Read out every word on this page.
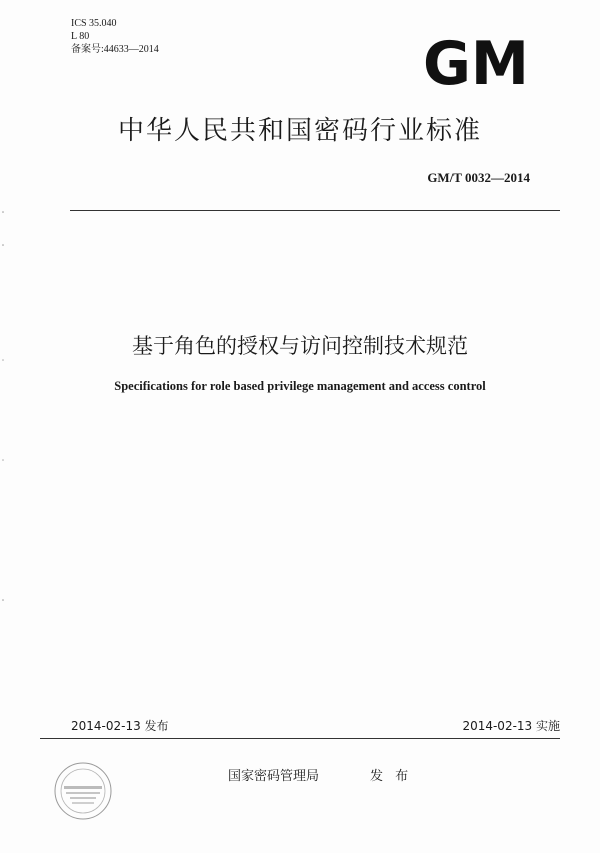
ICS 35.040
L 80
备案号:44633—2014	GM
中华人民共和国密码行业标准
GM/T 0032—2014
基于角色的授权与访问控制技术规范
Specifications for role based privilege management and access control
2014-02-13 发布	2014-02-13 实施
国家密码管理局	发 布
